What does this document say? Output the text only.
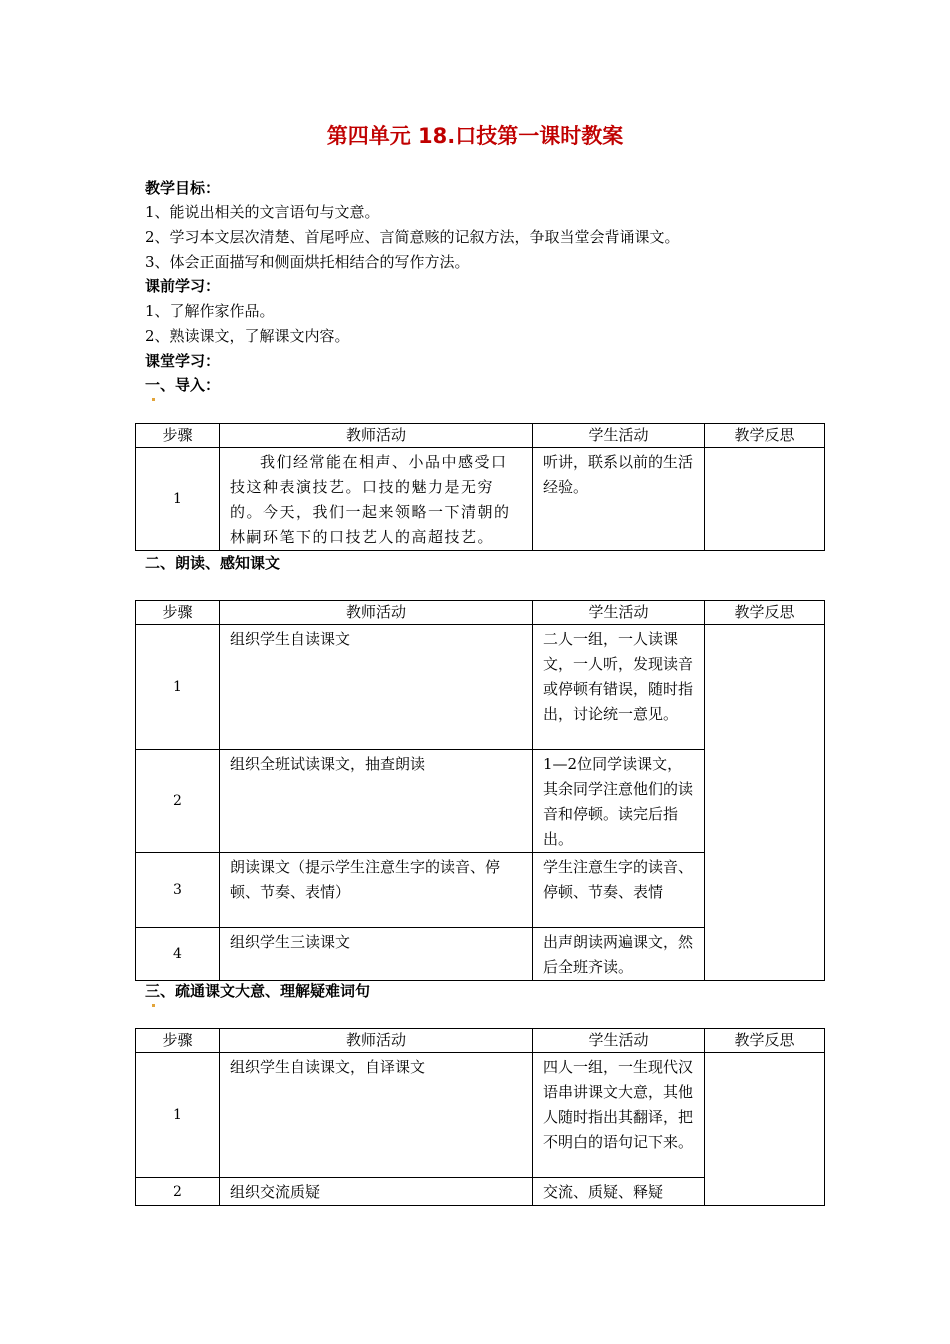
第四单元 18.口技第一课时教案
教学目标：
1、能说出相关的文言语句与文意。
2、学习本文层次清楚、首尾呼应、言简意赅的记叙方法，争取当堂会背诵课文。
3、体会正面描写和侧面烘托相结合的写作方法。
课前学习：
1、了解作家作品。
2、熟读课文，了解课文内容。
课堂学习：
一、导入：
步骤	教师活动	学生活动	教学反思
1	我们经常能在相声、小品中感受口技这种表演技艺。口技的魅力是无穷的。今天，我们一起来领略一下清朝的林嗣环笔下的口技艺人的高超技艺。	听讲，联系以前的生活经验。	
二、朗读、感知课文
步骤	教师活动	学生活动	教学反思
1	组织学生自读课文	二人一组，一人读课文，一人听，发现读音或停顿有错误，随时指出，讨论统一意见。	
2	组织全班试读课文，抽查朗读	1—2位同学读课文，其余同学注意他们的读音和停顿。读完后指出。	
3	朗读课文（提示学生注意生字的读音、停顿、节奏、表情）	学生注意生字的读音、停顿、节奏、表情	
4	组织学生三读课文	出声朗读两遍课文，然后全班齐读。	
三、疏通课文大意、理解疑难词句
步骤	教师活动	学生活动	教学反思
1	组织学生自读课文，自译课文	四人一组，一生现代汉语串讲课文大意，其他人随时指出其翻译，把不明白的语句记下来。	
2	组织交流质疑	交流、质疑、释疑	
